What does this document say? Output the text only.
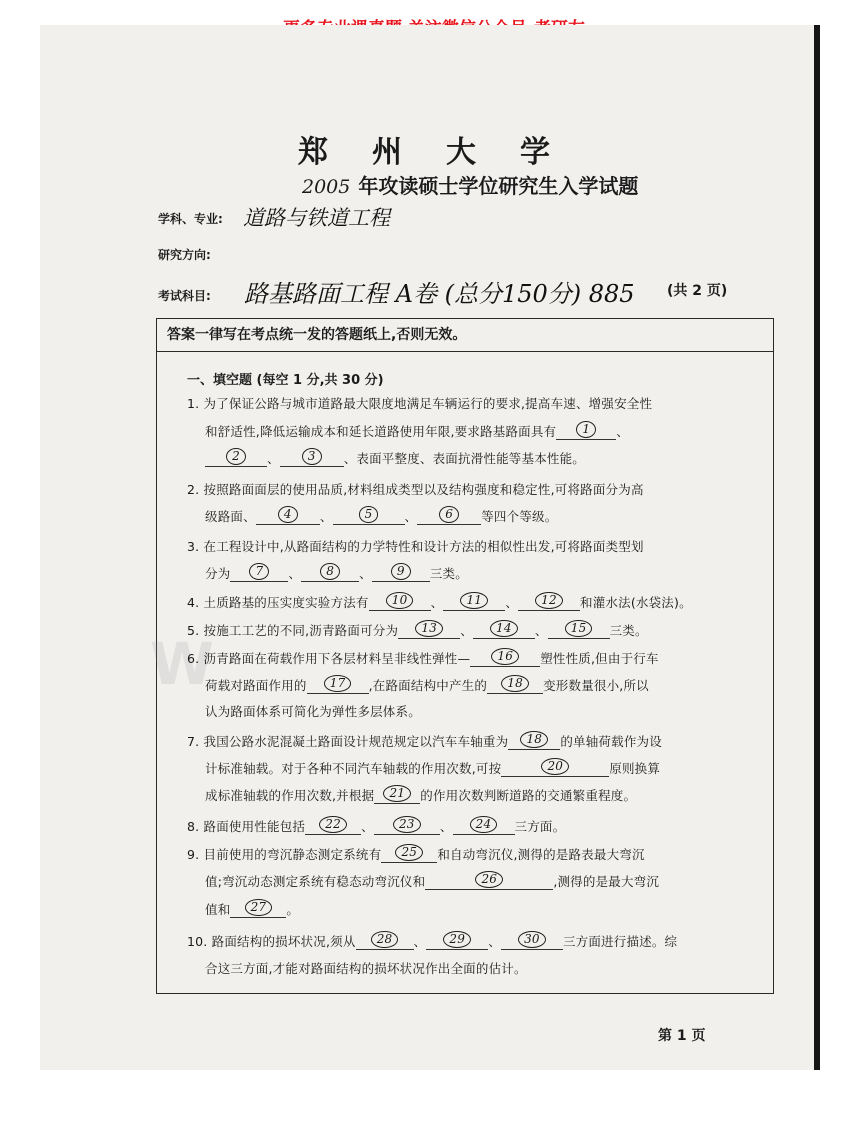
郑州大学
2005 年攻读硕士学位研究生入学试题
学科、专业: 道路与铁道工程
研究方向:
考试科目: 路基路面工程 A卷 (总分150分) 885 (共 2 页)
答案一律写在考点统一发的答题纸上,否则无效。
W
一、填空题 (每空 1 分,共 30 分)
1. 为了保证公路与城市道路最大限度地满足车辆运行的要求,提高车速、增强安全性
和舒适性,降低运输成本和延长道路使用年限,要求路基路面具有 1 、
2 、 3 、表面平整度、表面抗滑性能等基本性能。
2. 按照路面面层的使用品质,材料组成类型以及结构强度和稳定性,可将路面分为高
级路面、 4 、	5	、 6 等四个等级。
3. 在工程设计中,从路面结构的力学特性和设计方法的相似性出发,可将路面类型划
分为 7 、 8 、 9 三类。
4. 土质路基的压实度实验方法有 10 、 11 、 12 和灌水法(水袋法)。
5. 按施工工艺的不同,沥青路面可分为 13 、 14 、 15 三类。
6. 沥青路面在荷载作用下各层材料呈非线性弹性— 16 塑性性质,但由于行车
荷载对路面作用的 17 ,在路面结构中产生的 18 变形数量很小,所以
认为路面体系可简化为弹性多层体系。
7. 我国公路水泥混凝土路面设计规范规定以汽车车轴重为 18 的单轴荷载作为设
计标准轴载。对于各种不同汽车轴载的作用次数,可按	20	原则换算
成标准轴载的作用次数,并根据 21 的作用次数判断道路的交通繁重程度。
8. 路面使用性能包括 22 、 23 、 24 三方面。
9. 目前使用的弯沉静态测定系统有 25 和自动弯沉仪,测得的是路表最大弯沉
值;弯沉动态测定系统有稳态动弯沉仪和	26	,测得的是最大弯沉
值和 27 。
10. 路面结构的损坏状况,须从 28 、 29 、 30 三方面进行描述。综
合这三方面,才能对路面结构的损坏状况作出全面的估计。
第 1 页
